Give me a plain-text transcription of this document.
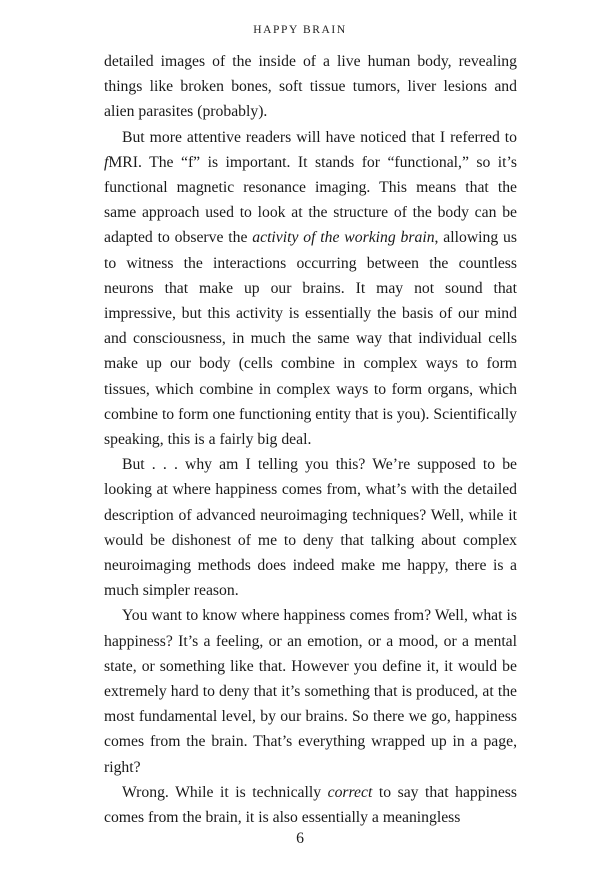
HAPPY BRAIN

detailed images of the inside of a live human body, revealing things like broken bones, soft tissue tumors, liver lesions and alien parasites (probably).

But more attentive readers will have noticed that I referred to fMRI. The “f” is important. It stands for “functional,” so it’s functional magnetic resonance imaging. This means that the same approach used to look at the structure of the body can be adapted to observe the activity of the working brain, allowing us to witness the interactions occurring between the countless neurons that make up our brains. It may not sound that impressive, but this activity is essentially the basis of our mind and consciousness, in much the same way that individual cells make up our body (cells combine in complex ways to form tissues, which combine in complex ways to form organs, which combine to form one functioning entity that is you). Scientifically speaking, this is a fairly big deal.

But . . . why am I telling you this? We’re supposed to be looking at where happiness comes from, what’s with the detailed description of advanced neuroimaging techniques? Well, while it would be dishonest of me to deny that talking about complex neuroimaging methods does indeed make me happy, there is a much simpler reason.

You want to know where happiness comes from? Well, what is happiness? It’s a feeling, or an emotion, or a mood, or a mental state, or something like that. However you define it, it would be extremely hard to deny that it’s something that is produced, at the most fundamental level, by our brains. So there we go, happiness comes from the brain. That’s everything wrapped up in a page, right?

Wrong. While it is technically correct to say that happiness comes from the brain, it is also essentially a meaningless

6
